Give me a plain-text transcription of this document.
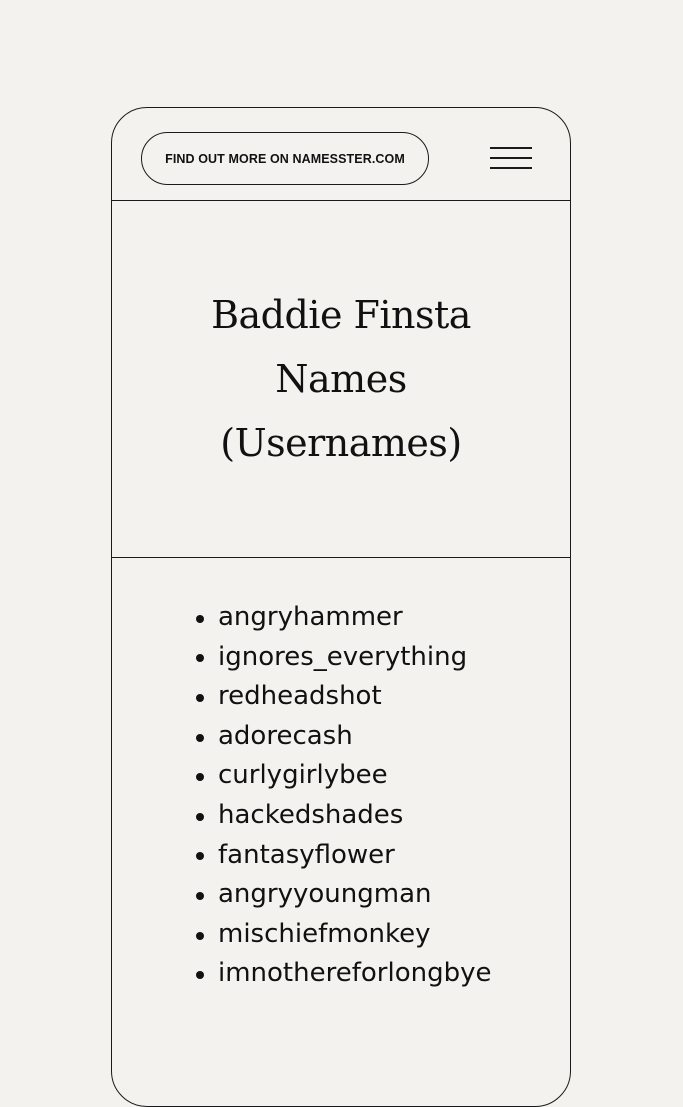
FIND OUT MORE ON NAMESSTER.COM
Baddie Finsta
Names
(Usernames)
angryhammer
ignores_everything
redheadshot
adorecash
curlygirlybee
hackedshades
fantasyflower
angryyoungman
mischiefmonkey
imnothereforlongbye
